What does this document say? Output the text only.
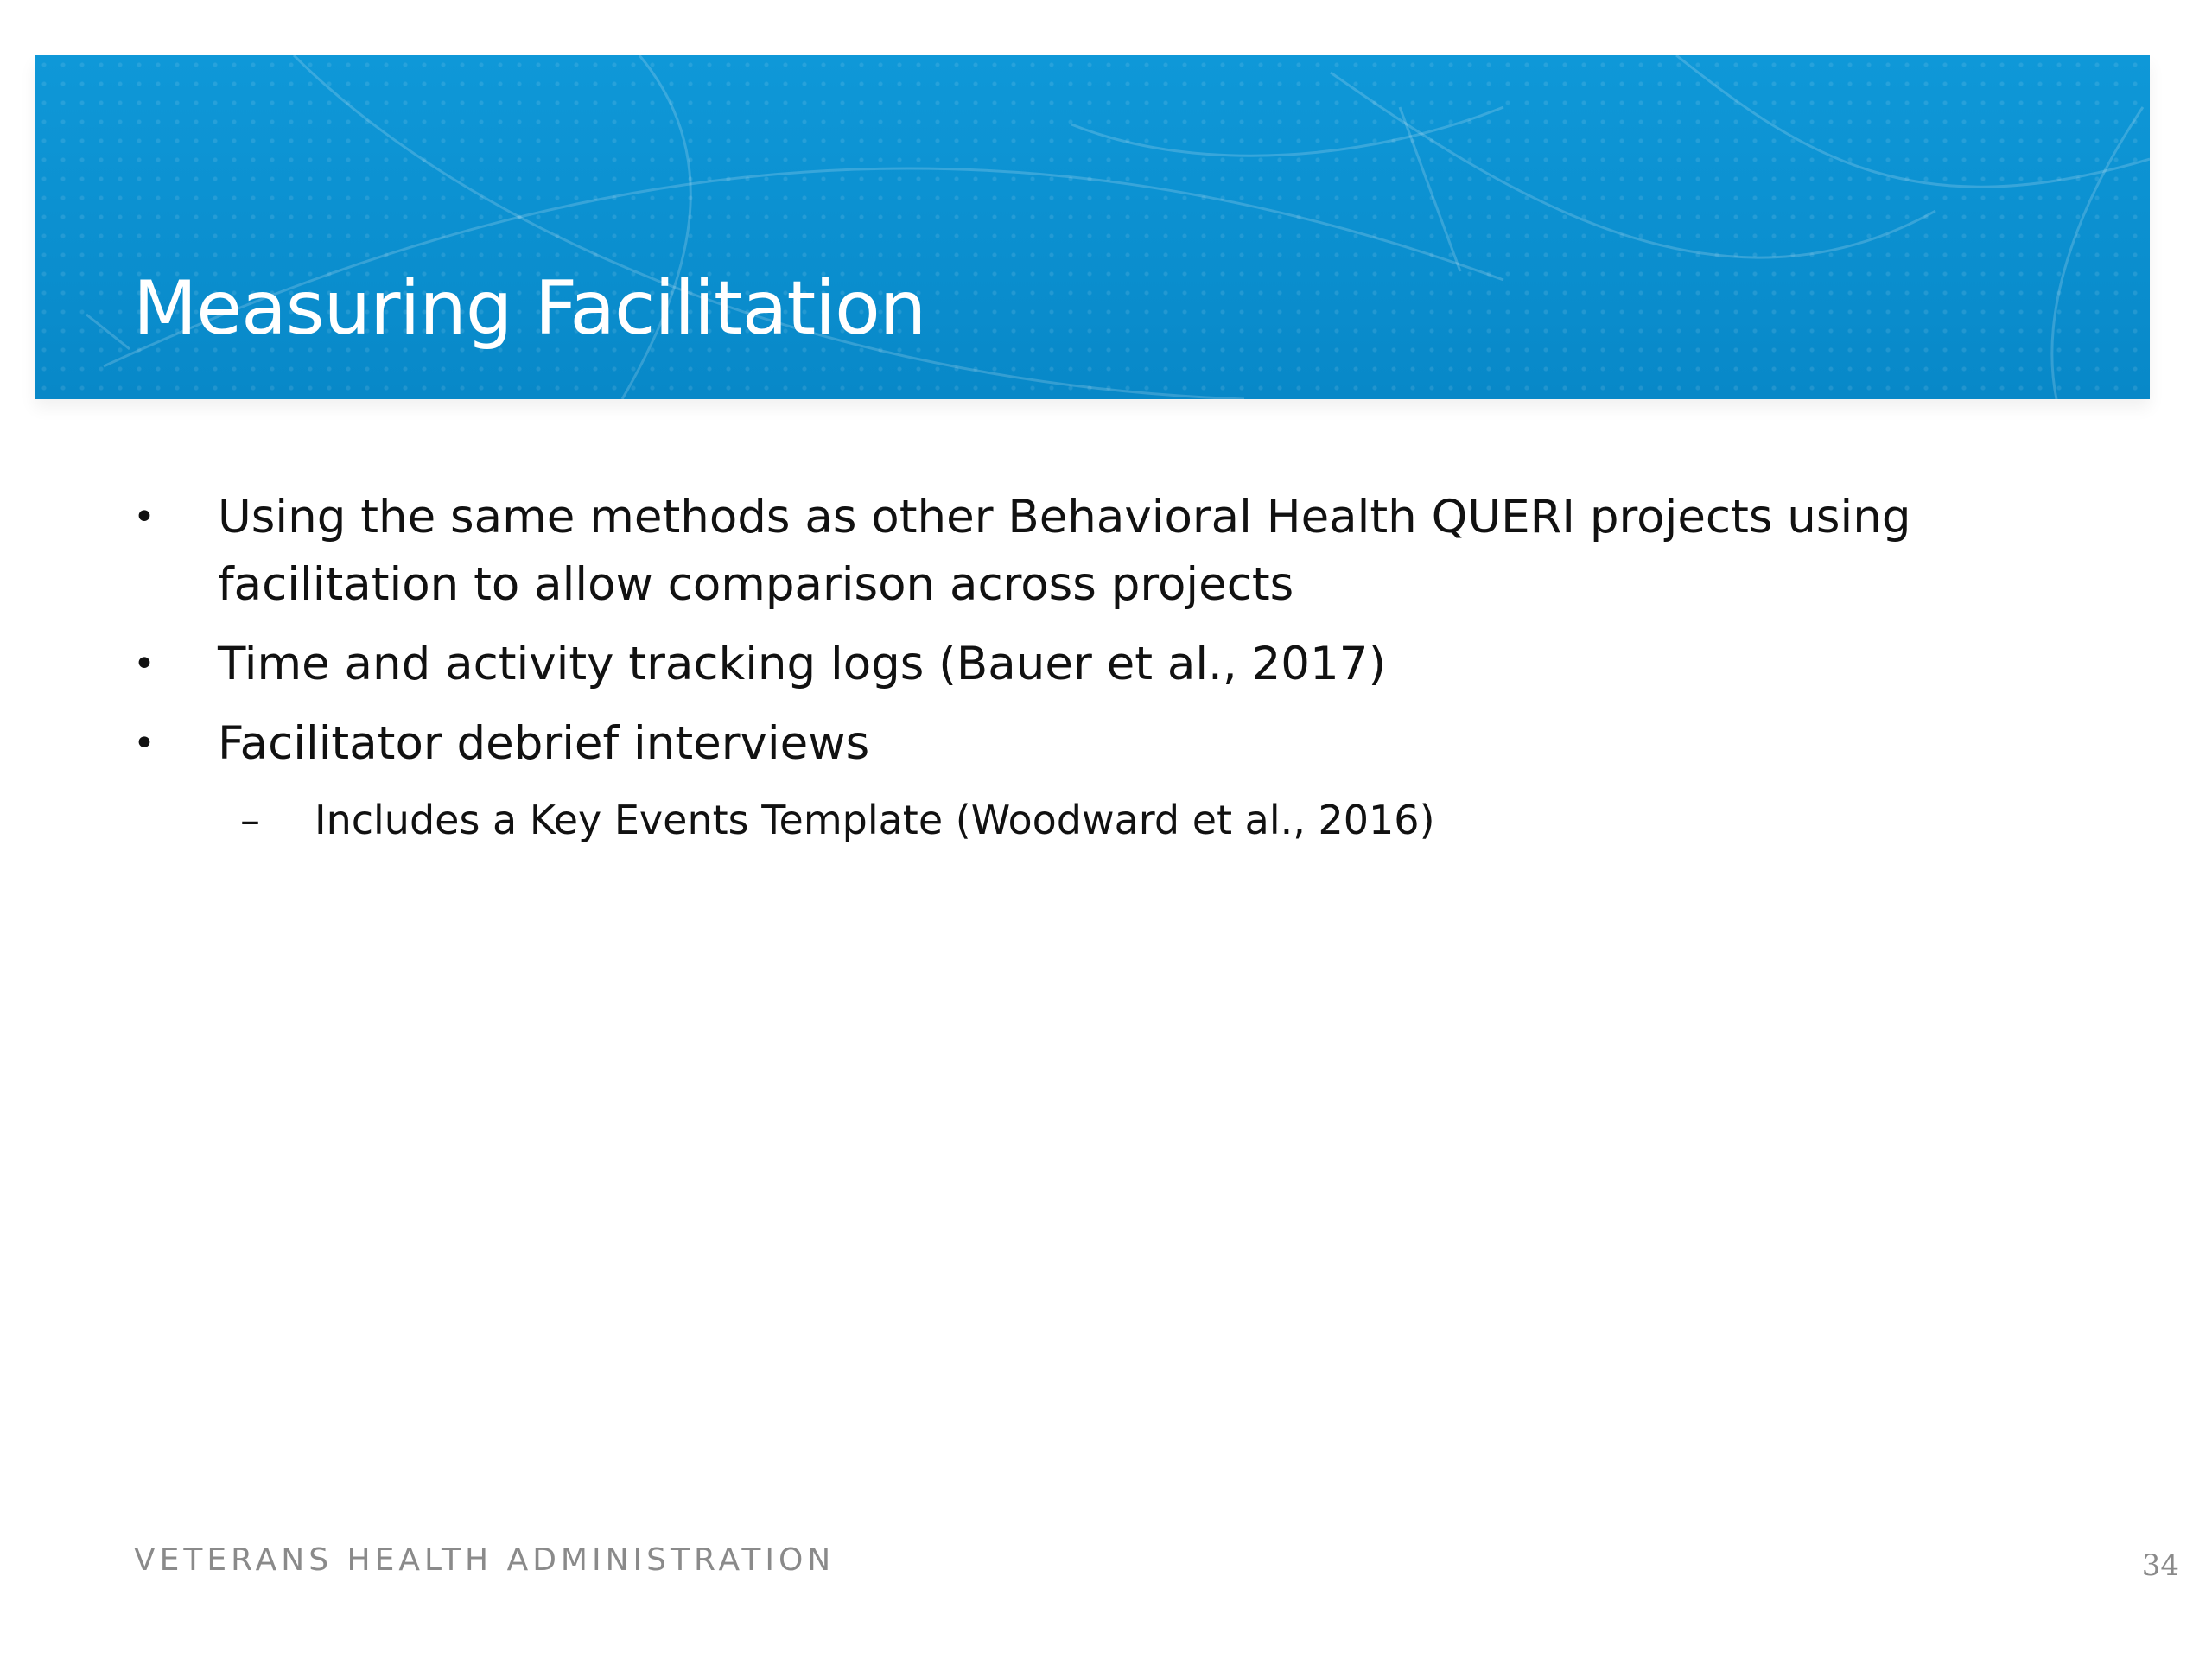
Measuring Facilitation
• Using the same methods as other Behavioral Health QUERI projects using facilitation to allow comparison across projects
• Time and activity tracking logs (Bauer et al., 2017)
• Facilitator debrief interviews
– Includes a Key Events Template (Woodward et al., 2016)
VETERANS HEALTH ADMINISTRATION	34
